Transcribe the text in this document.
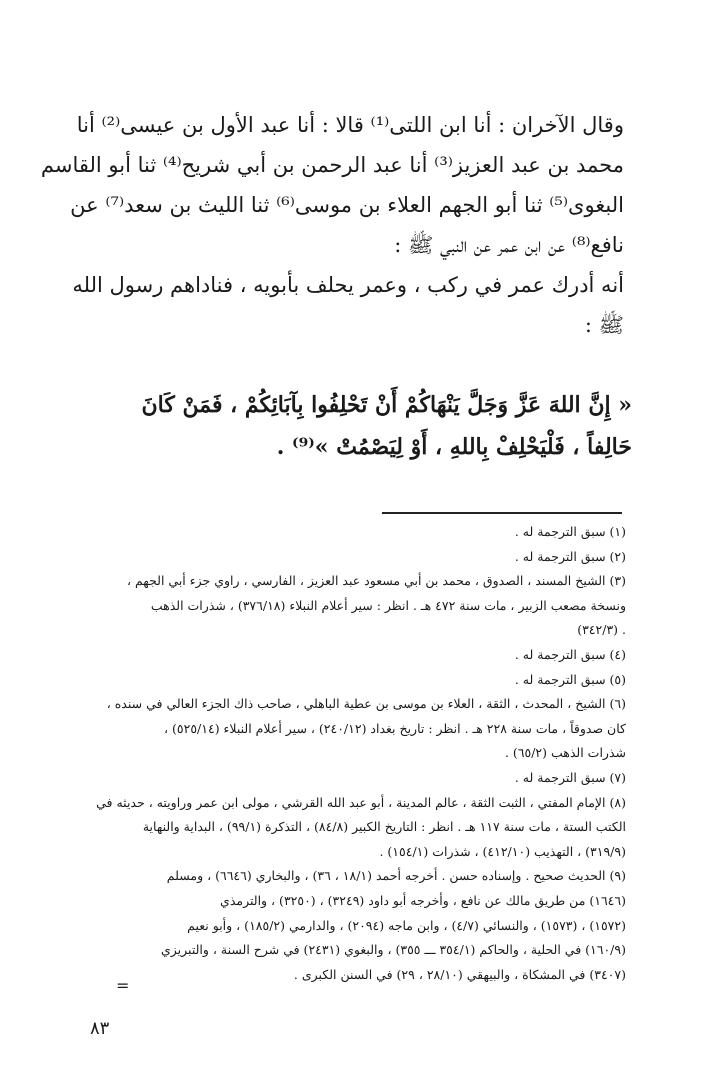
وقال الآخران : أنا ابن اللتى⁽¹⁾ قالا : أنا عبد الأول بن عيسى⁽²⁾ أنا
محمد بن عبد العزيز⁽³⁾ أنا عبد الرحمن بن أبي شريح⁽⁴⁾ ثنا أبو القاسم
البغوى⁽⁵⁾ ثنا أبو الجهم العلاء بن موسى⁽⁶⁾ ثنا الليث بن سعد⁽⁷⁾ عن
نافع⁽⁸⁾ عن ابن عمر عن النبي ﷺ :
أنه أدرك عمر في ركب ، وعمر يحلف بأبويه ، فناداهم رسول الله
ﷺ :
« إِنَّ اللهَ عَزَّ وَجَلَّ يَنْهَاكُمْ أَنْ تَحْلِفُوا بِآبَائِكُمْ ، فَمَنْ كَانَ
حَالِفاً ، فَلْيَحْلِفْ بِاللهِ ، أَوْ لِيَصْمُتْ »⁽⁹⁾ .
(١) سبق الترجمة له .
(٢) سبق الترجمة له .
(٣) الشيخ المسند ، الصدوق ، محمد بن أبي مسعود عبد العزيز ، الفارسي ، راوي جزء أبي الجهم ،
ونسخة مصعب الزبير ، مات سنة ٤٧٢ هـ . انظر : سير أعلام النبلاء (٣٧٦/١٨) ، شذرات الذهب
. (٣٤٢/٣)
(٤) سبق الترجمة له .
(٥) سبق الترجمة له .
(٦) الشيخ ، المحدث ، الثقة ، العلاء بن موسى بن عطية الباهلي ، صاحب ذاك الجزء العالي في سنده ،
كان صدوقاً ، مات سنة ٢٢٨ هـ . انظر : تاريخ بغداد (٢٤٠/١٢) ، سير أعلام النبلاء (٥٢٥/١٤) ،
شذرات الذهب (٦٥/٢) .
(٧) سبق الترجمة له .
(٨) الإمام المفتي ، الثبت الثقة ، عالم المدينة ، أبو عبد الله القرشي ، مولى ابن عمر وراويته ، حديثه في
الكتب الستة ، مات سنة ١١٧ هـ . انظر : التاريخ الكبير (٨٤/٨) ، التذكرة (٩٩/١) ، البداية والنهاية
(٣١٩/٩) ، التهذيب (٤١٢/١٠) ، شذرات (١٥٤/١) .
(٩) الحديث صحيح . وإسناده حسن . أخرجه أحمد (١٨/١ ، ٣٦) ، والبخاري (٦٦٤٦) ، ومسلم
(١٦٤٦) من طريق مالك عن نافع ، وأخرجه أبو داود (٣٢٤٩) ، (٣٢٥٠) ، والترمذي
(١٥٧٢) ، (١٥٧٣) ، والنسائي (٤/٧) ، وابن ماجه (٢٠٩٤) ، والدارمي (١٨٥/٢) ، وأبو نعيم
(١٦٠/٩) في الحلية ، والحاكم (٣٥٤/١ ـــ ٣٥٥) ، والبغوي (٢٤٣١) في شرح السنة ، والتبريزي
(٣٤٠٧) في المشكاة ، والبيهقي (٢٨/١٠ ، ٢٩) في السنن الكبرى .
=
٨٣
